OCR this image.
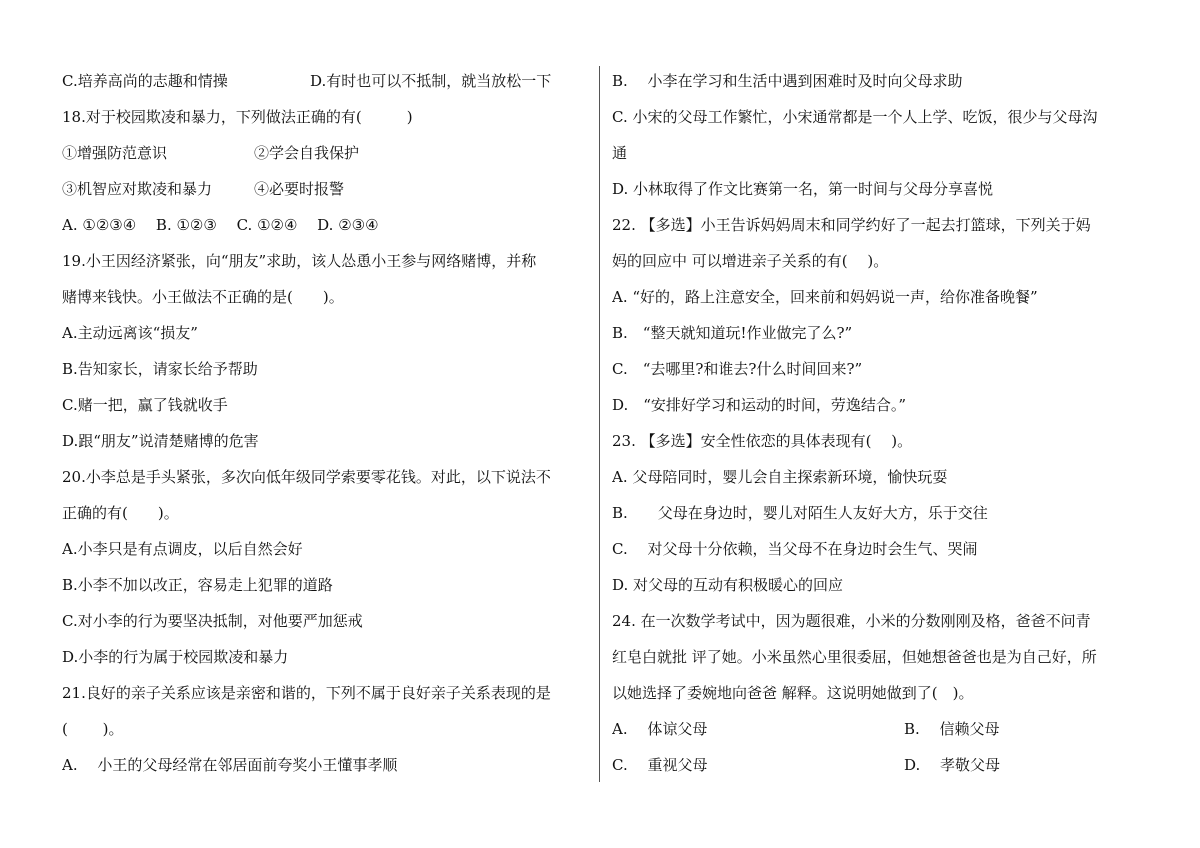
C.培养高尚的志趣和情操	D.有时也可以不抵制，就当放松一下
18.对于校园欺凌和暴力，下列做法正确的有(　　　)
①增强防范意识	②学会自我保护
③机智应对欺凌和暴力	④必要时报警
A. ①②③④　 B. ①②③　 C. ①②④　 D. ②③④
19.小王因经济紧张，向“朋友”求助，该人怂恿小王参与网络赌博，并称
赌博来钱快。小王做法不正确的是(　　)。
A.主动远离该“损友”
B.告知家长，请家长给予帮助
C.赌一把，赢了钱就收手
D.跟“朋友”说清楚赌博的危害
20.小李总是手头紧张，多次向低年级同学索要零花钱。对此，以下说法不
正确的有(　　)。
A.小李只是有点调皮，以后自然会好
B.小李不加以改正，容易走上犯罪的道路
C.对小李的行为要坚决抵制，对他要严加惩戒
D.小李的行为属于校园欺凌和暴力
21.良好的亲子关系应该是亲密和谐的，下列不属于良好亲子关系表现的是
(　　 )。
A.　 小王的父母经常在邻居面前夸奖小王懂事孝顺
B.　 小李在学习和生活中遇到困难时及时向父母求助
C. 小宋的父母工作繁忙，小宋通常都是一个人上学、吃饭，很少与父母沟
通
D. 小林取得了作文比赛第一名，第一时间与父母分享喜悦
22. 【多选】小王告诉妈妈周末和同学约好了一起去打篮球，下列关于妈
妈的回应中 可以增进亲子关系的有(　 )。
A. “好的，路上注意安全，回来前和妈妈说一声，给你准备晚餐”
B.　“整天就知道玩!作业做完了么?”
C.　“去哪里?和谁去?什么时间回来?”
D.　“安排好学习和运动的时间，劳逸结合。”
23. 【多选】安全性依恋的具体表现有(　 )。
A. 父母陪同时，婴儿会自主探索新环境，愉快玩耍
B.　　父母在身边时，婴儿对陌生人友好大方，乐于交往
C.　 对父母十分依赖，当父母不在身边时会生气、哭闹
D. 对父母的互动有积极暖心的回应
24. 在一次数学考试中，因为题很难，小米的分数刚刚及格，爸爸不问青
红皂白就批 评了她。小米虽然心里很委屈，但她想爸爸也是为自己好，所
以她选择了委婉地向爸爸 解释。这说明她做到了(　)。
A.　 体谅父母	B.　 信赖父母
C.　 重视父母	D.　 孝敬父母
